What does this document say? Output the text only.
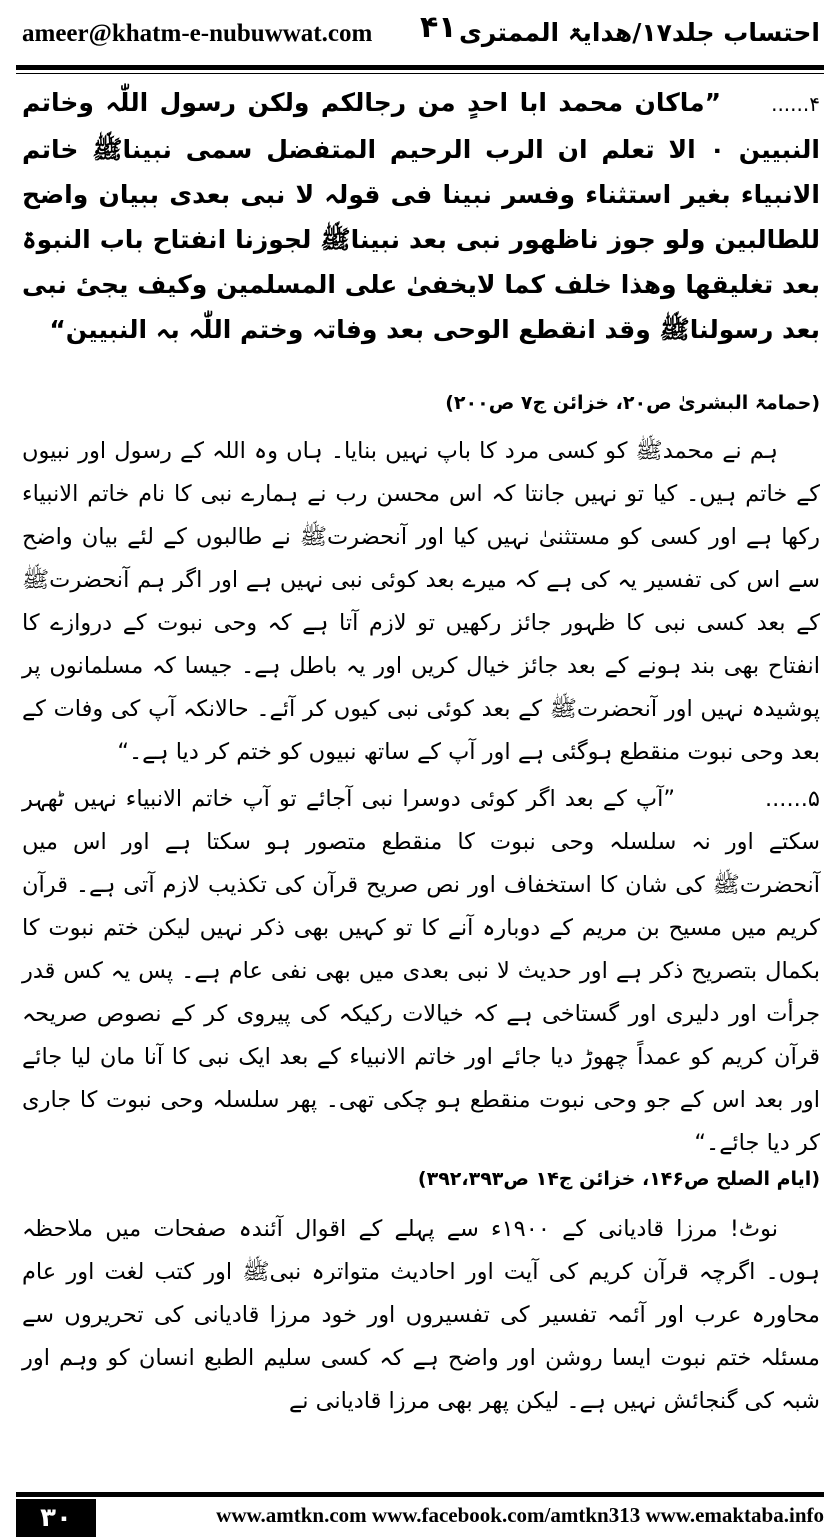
ameer@khatm-e-nubuwwat.com ۴۱ احتساب جلد۱۷/ھدایۃ الممتری

۴......”ماکان محمد ابا احدٍ من رجالکم ولکن رسول اللّٰہ وخاتم النبیین ۰ الا تعلم ان الرب الرحیم المتفضل سمی نبیناﷺ خاتم الانبیاء بغیر استثناء وفسر نبینا فی قولہ لا نبی بعدی ببیان واضح للطالبین ولو جوز ناظھور نبی بعد نبیناﷺ لجوزنا انفتاح باب النبوۃ بعد تغلیقھا وھذا خلف کما لایخفیٰ علی المسلمین وکیف یجیٔ نبی بعد رسولناﷺ وقد انقطع الوحی بعد وفاتہ وختم اللّٰہ بہ النبیین“

(حمامۃ البشریٰ ص۲۰، خزائن ج۷ ص۲۰۰)

ہم نے محمدﷺ کو کسی مرد کا باپ نہیں بنایا۔ ہاں وہ اللہ کے رسول اور نبیوں کے خاتم ہیں۔ کیا تو نہیں جانتا کہ اس محسن رب نے ہمارے نبی کا نام خاتم الانبیاء رکھا ہے اور کسی کو مستثنیٰ نہیں کیا اور آنحضرتﷺ نے طالبوں کے لئے بیان واضح سے اس کی تفسیر یہ کی ہے کہ میرے بعد کوئی نبی نہیں ہے اور اگر ہم آنحضرتﷺ کے بعد کسی نبی کا ظہور جائز رکھیں تو لازم آتا ہے کہ وحی نبوت کے دروازے کا انفتاح بھی بند ہونے کے بعد جائز خیال کریں اور یہ باطل ہے۔ جیسا کہ مسلمانوں پر پوشیدہ نہیں اور آنحضرتﷺ کے بعد کوئی نبی کیوں کر آئے۔ حالانکہ آپ کی وفات کے بعد وحی نبوت منقطع ہوگئی ہے اور آپ کے ساتھ نبیوں کو ختم کر دیا ہے۔“

۵......”آپ کے بعد اگر کوئی دوسرا نبی آجائے تو آپ خاتم الانبیاء نہیں ٹھہر سکتے اور نہ سلسلہ وحی نبوت کا منقطع متصور ہو سکتا ہے اور اس میں آنحضرتﷺ کی شان کا استخفاف اور نص صریح قرآن کی تکذیب لازم آتی ہے۔ قرآن کریم میں مسیح بن مریم کے دوبارہ آنے کا تو کہیں بھی ذکر نہیں لیکن ختم نبوت کا بکمال بتصریح ذکر ہے اور حدیث لا نبی بعدی میں بھی نفی عام ہے۔ پس یہ کس قدر جرأت اور دلیری اور گستاخی ہے کہ خیالات رکیکہ کی پیروی کر کے نصوص صریحہ قرآن کریم کو عمداً چھوڑ دیا جائے اور خاتم الانبیاء کے بعد ایک نبی کا آنا مان لیا جائے اور بعد اس کے جو وحی نبوت منقطع ہو چکی تھی۔ پھر سلسلہ وحی نبوت کا جاری کر دیا جائے۔“

(ایام الصلح ص۱۴۶، خزائن ج۱۴ ص۳۹۲،۳۹۳)

نوٹ! مرزا قادیانی کے ۱۹۰۰ء سے پہلے کے اقوال آئندہ صفحات میں ملاحظہ ہوں۔ اگرچہ قرآن کریم کی آیت اور احادیث متواترہ نبیﷺ اور کتب لغت اور عام محاورہ عرب اور آئمہ تفسیر کی تفسیروں اور خود مرزا قادیانی کی تحریروں سے مسئلہ ختم نبوت ایسا روشن اور واضح ہے کہ کسی سلیم الطبع انسان کو وہم اور شبہ کی گنجائش نہیں ہے۔ لیکن پھر بھی مرزا قادیانی نے

۳۰	www.amtkn.com www.facebook.com/amtkn313 www.emaktaba.info
